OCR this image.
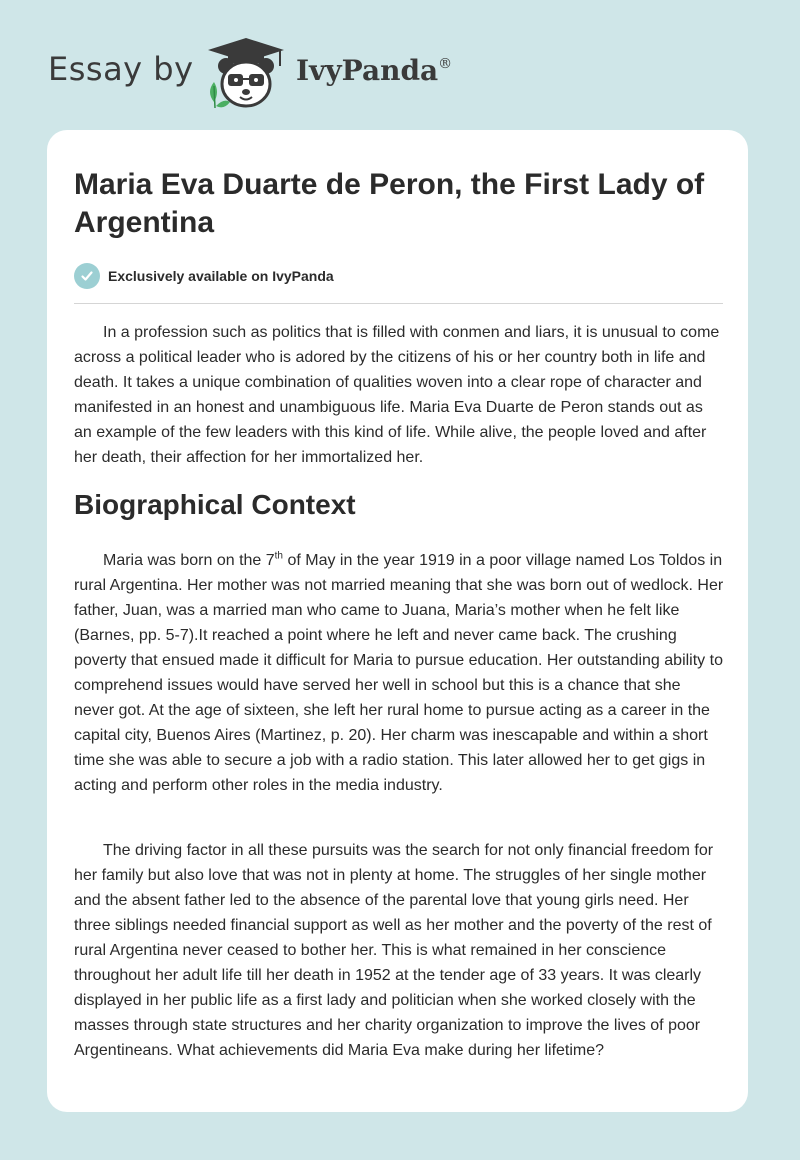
Essay by	IvyPanda®
Maria Eva Duarte de Peron, the First Lady of Argentina
Exclusively available on IvyPanda

In a profession such as politics that is filled with conmen and liars, it is unusual to come across a political leader who is adored by the citizens of his or her country both in life and death. It takes a unique combination of qualities woven into a clear rope of character and manifested in an honest and unambiguous life. Maria Eva Duarte de Peron stands out as an example of the few leaders with this kind of life. While alive, the people loved and after her death, their affection for her immortalized her.

Biographical Context

Maria was born on the 7th of May in the year 1919 in a poor village named Los Toldos in rural Argentina. Her mother was not married meaning that she was born out of wedlock. Her father, Juan, was a married man who came to Juana, Maria’s mother when he felt like (Barnes, pp. 5-7).It reached a point where he left and never came back. The crushing poverty that ensued made it difficult for Maria to pursue education. Her outstanding ability to comprehend issues would have served her well in school but this is a chance that she never got. At the age of sixteen, she left her rural home to pursue acting as a career in the capital city, Buenos Aires (Martinez, p. 20). Her charm was inescapable and within a short time she was able to secure a job with a radio station. This later allowed her to get gigs in acting and perform other roles in the media industry.

The driving factor in all these pursuits was the search for not only financial freedom for her family but also love that was not in plenty at home. The struggles of her single mother and the absent father led to the absence of the parental love that young girls need. Her three siblings needed financial support as well as her mother and the poverty of the rest of rural Argentina never ceased to bother her. This is what remained in her conscience throughout her adult life till her death in 1952 at the tender age of 33 years. It was clearly displayed in her public life as a first lady and politician when she worked closely with the masses through state structures and her charity organization to improve the lives of poor Argentineans. What achievements did Maria Eva make during her lifetime?
